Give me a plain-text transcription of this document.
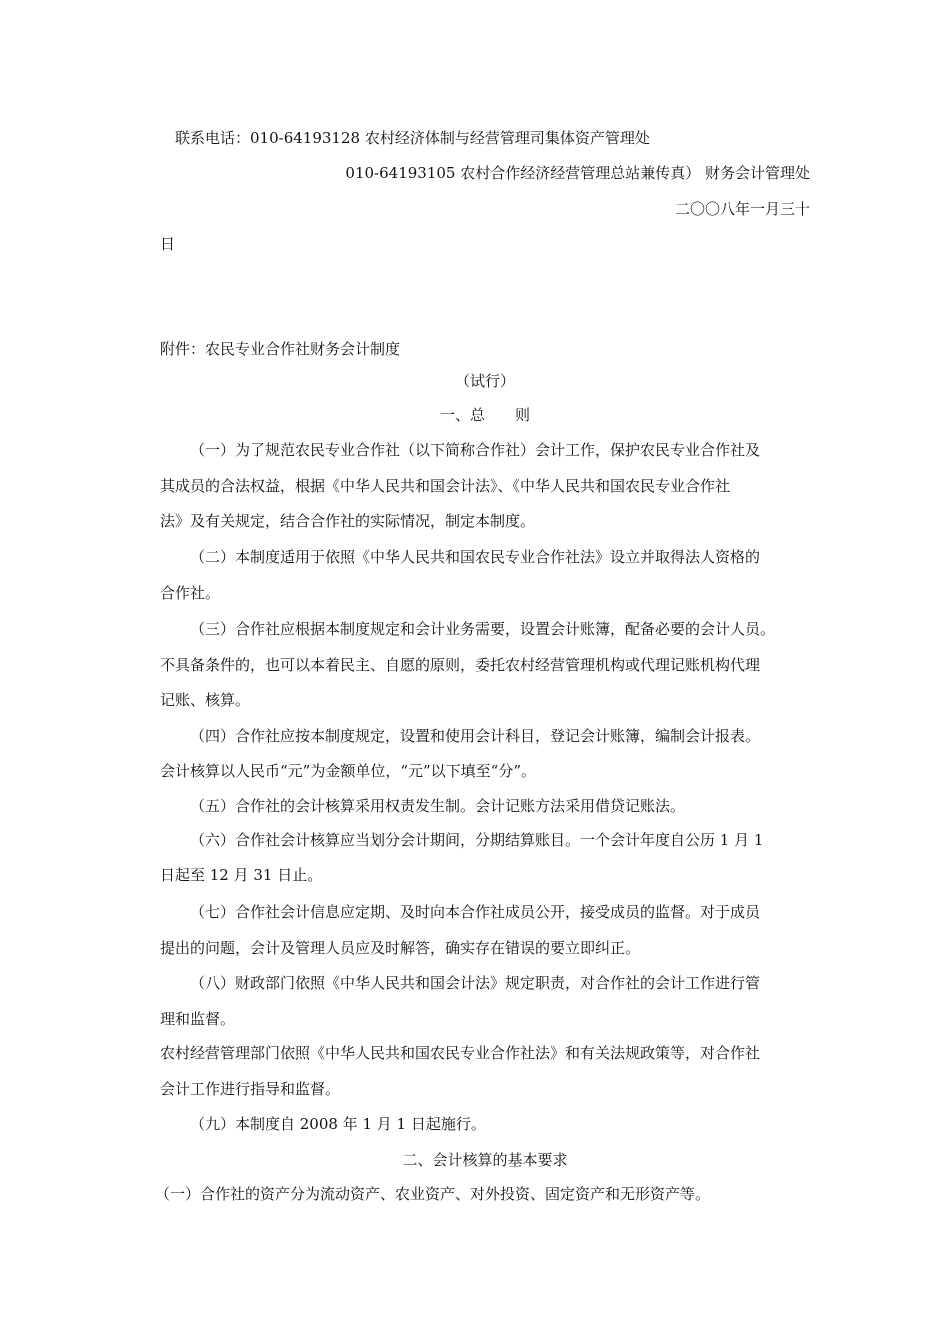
联系电话：010-64193128 农村经济体制与经营管理司集体资产管理处
010-64193105 农村合作经济经营管理总站兼传真） 财务会计管理处
二〇〇八年一月三十
日
附件：农民专业合作社财务会计制度
（试行）
一、总　　则
（一）为了规范农民专业合作社（以下简称合作社）会计工作，保护农民专业合作社及
其成员的合法权益，根据《中华人民共和国会计法》、《中华人民共和国农民专业合作社
法》及有关规定，结合合作社的实际情况，制定本制度。
（二）本制度适用于依照《中华人民共和国农民专业合作社法》设立并取得法人资格的
合作社。
（三）合作社应根据本制度规定和会计业务需要，设置会计账簿，配备必要的会计人员。
不具备条件的，也可以本着民主、自愿的原则，委托农村经营管理机构或代理记账机构代理
记账、核算。
（四）合作社应按本制度规定，设置和使用会计科目，登记会计账簿，编制会计报表。
会计核算以人民币“元”为金额单位，“元”以下填至“分”。
（五）合作社的会计核算采用权责发生制。会计记账方法采用借贷记账法。
（六）合作社会计核算应当划分会计期间，分期结算账目。一个会计年度自公历 1 月 1
日起至 12 月 31 日止。
（七）合作社会计信息应定期、及时向本合作社成员公开，接受成员的监督。对于成员
提出的问题，会计及管理人员应及时解答，确实存在错误的要立即纠正。
（八）财政部门依照《中华人民共和国会计法》规定职责，对合作社的会计工作进行管
理和监督。
农村经营管理部门依照《中华人民共和国农民专业合作社法》和有关法规政策等，对合作社
会计工作进行指导和监督。
（九）本制度自 2008 年 1 月 1 日起施行。
二、会计核算的基本要求
（一）合作社的资产分为流动资产、农业资产、对外投资、固定资产和无形资产等。
